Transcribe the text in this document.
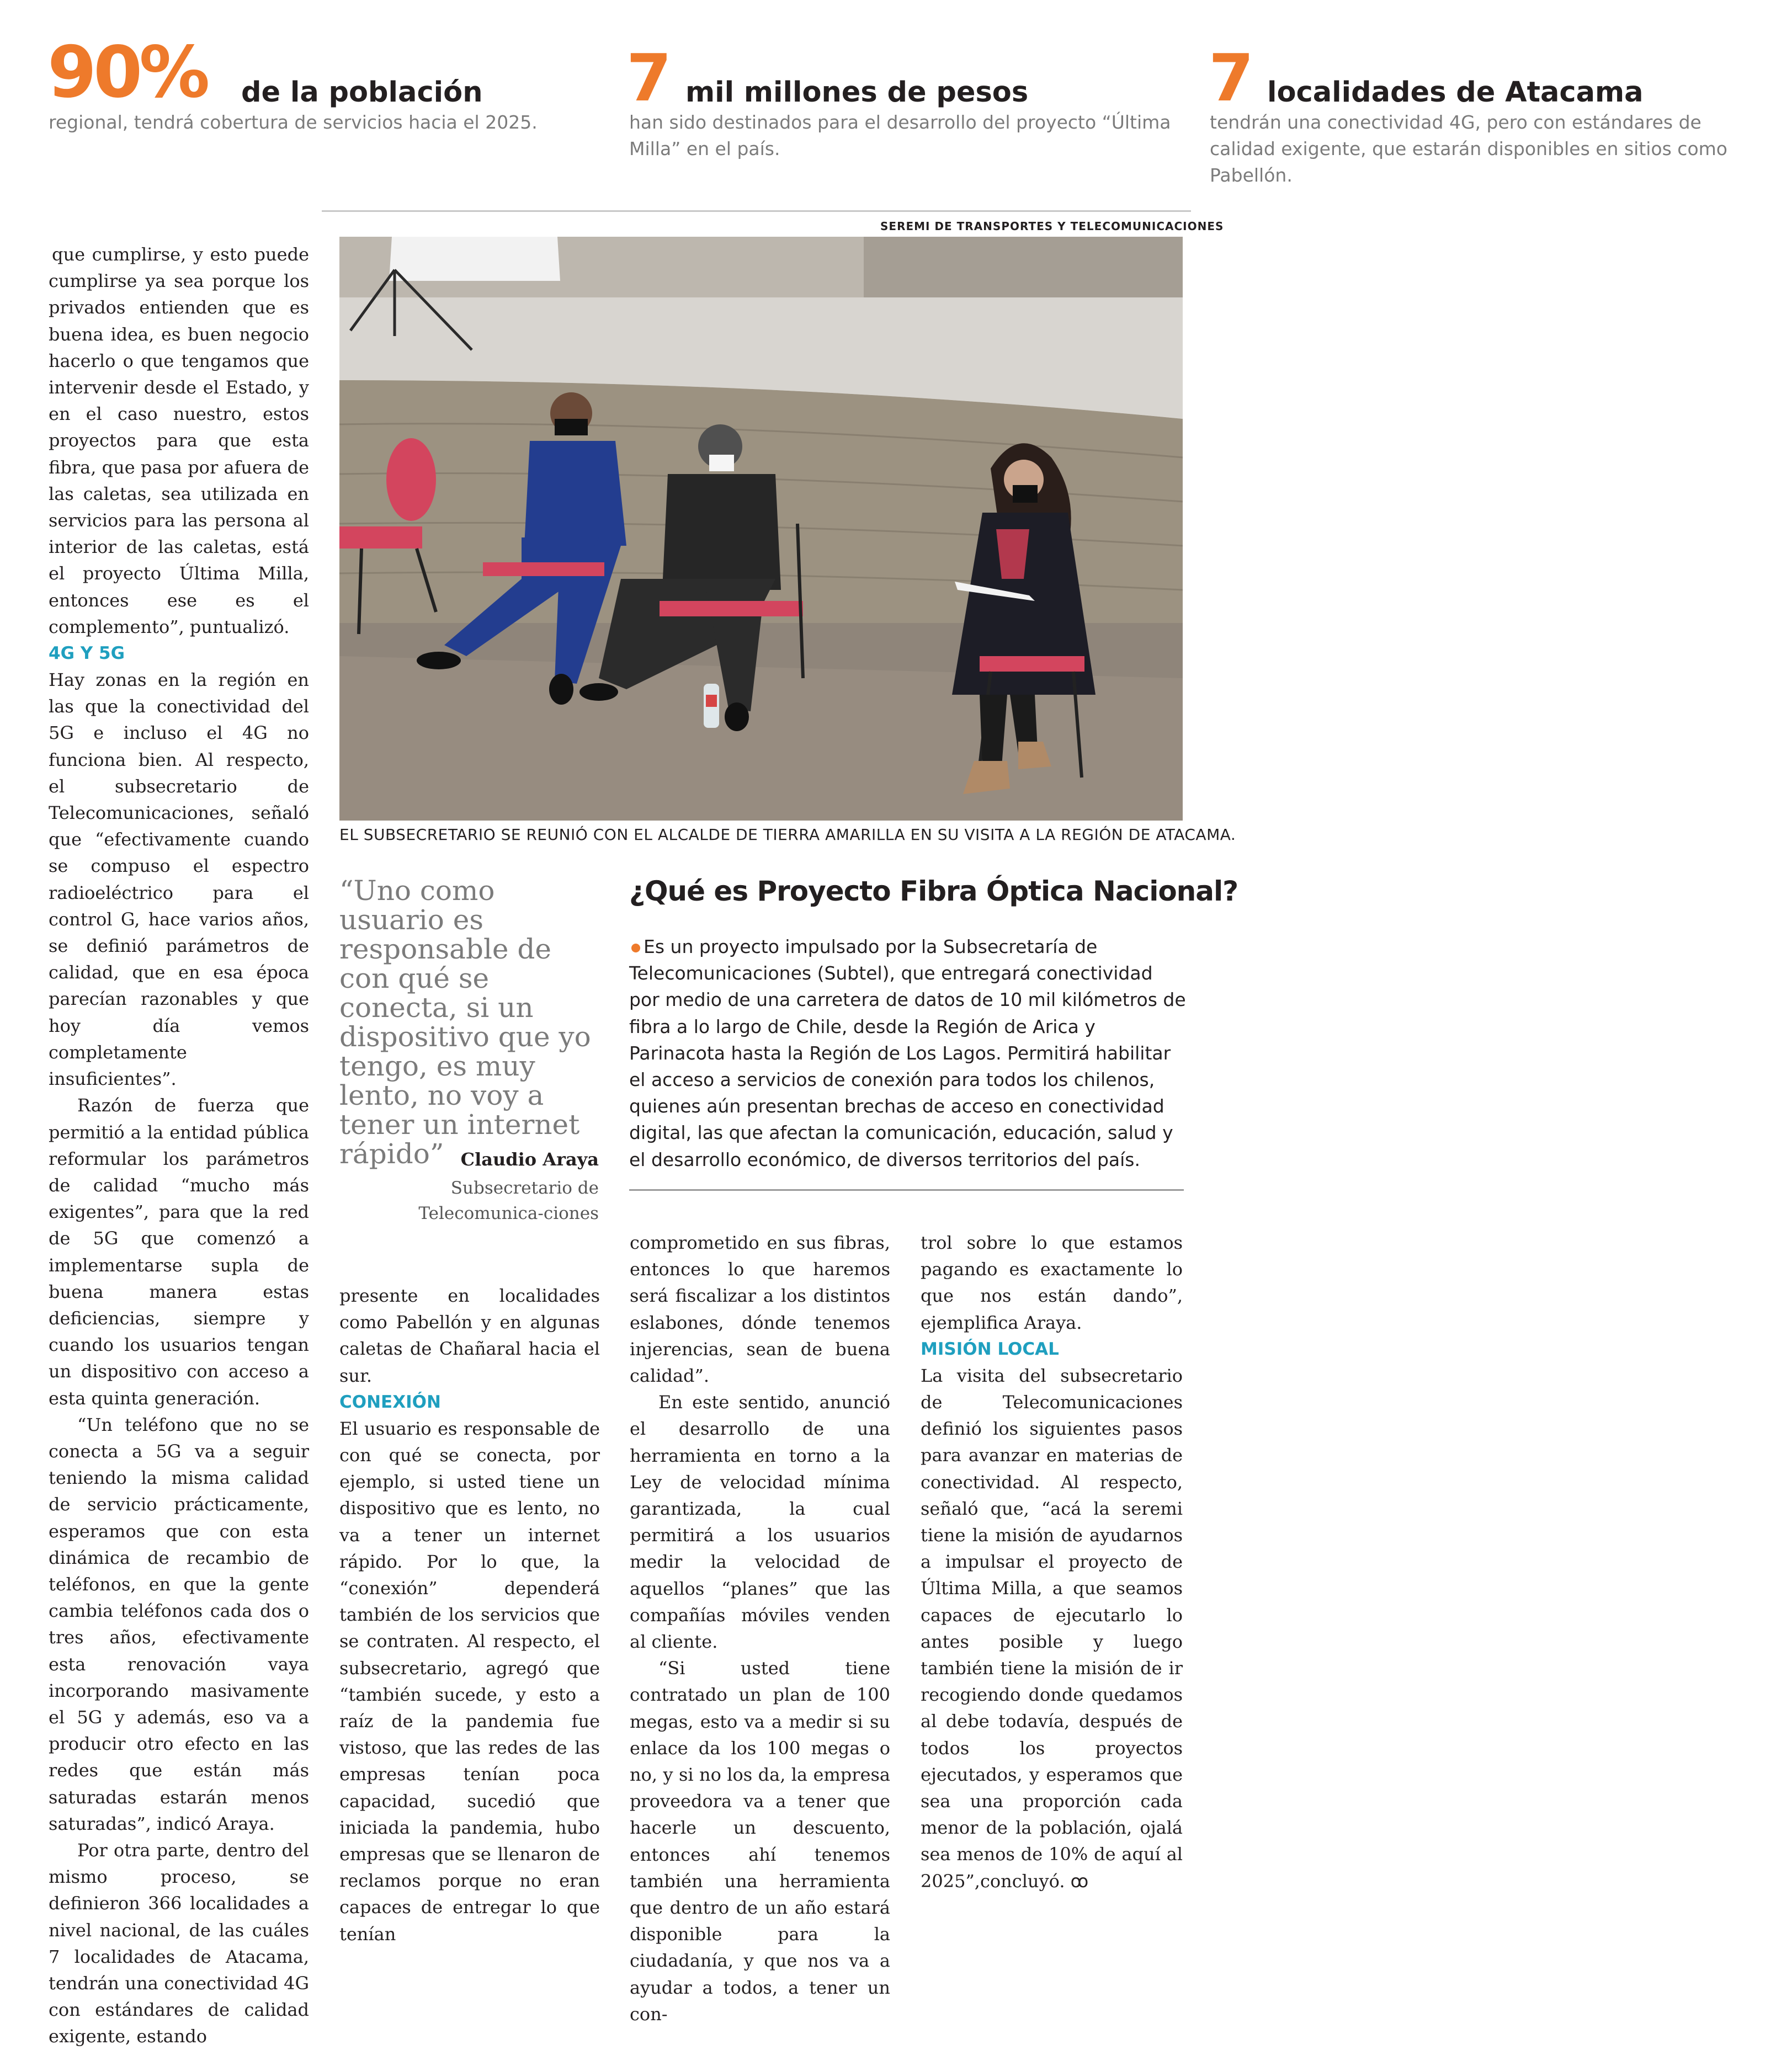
90% de la población
regional, tendrá cobertura de servicios hacia el 2025.
7 mil millones de pesos
han sido destinados para el desarrollo del proyecto “Última Milla” en el país.
7 localidades de Atacama
tendrán una conectividad 4G, pero con estándares de calidad exigente, que estarán disponibles en sitios como Pabellón.
SEREMI DE TRANSPORTES Y TELECOMUNICACIONES
EL SUBSECRETARIO SE REUNIÓ CON EL ALCALDE DE TIERRA AMARILLA EN SU VISITA A LA REGIÓN DE ATACAMA.

que cumplirse, y esto puede cumplirse ya sea porque los privados entienden que es buena idea, es buen negocio hacerlo o que tengamos que intervenir desde el Estado, y en el caso nuestro, estos proyectos para que esta fibra, que pasa por afuera de las caletas, sea utilizada en servicios para las persona al interior de las caletas, está el proyecto Última Milla, entonces ese es el complemento”, puntualizó.

4G Y 5G

Hay zonas en la región en las que la conectividad del 5G e incluso el 4G no funciona bien. Al respecto, el subsecretario de Telecomunicaciones, señaló que “efectivamente cuando se compuso el espectro radioeléctrico para el control G, hace varios años, se definió parámetros de calidad, que en esa época parecían razonables y que hoy día vemos completamente insuficientes”.

Razón de fuerza que permitió a la entidad pública reformular los parámetros de calidad “mucho más exigentes”, para que la red de 5G que comenzó a implementarse supla de buena manera estas deficiencias, siempre y cuando los usuarios tengan un dispositivo con acceso a esta quinta generación.

“Un teléfono que no se conecta a 5G va a seguir teniendo la misma calidad de servicio prácticamente, esperamos que con esta dinámica de recambio de teléfonos, en que la gente cambia teléfonos cada dos o tres años, efectivamente esta renovación vaya incorporando masivamente el 5G y además, eso va a producir otro efecto en las redes que están más saturadas estarán menos saturadas”, indicó Araya.

Por otra parte, dentro del mismo proceso, se definieron 366 localidades a nivel nacional, de las cuáles 7 localidades de Atacama, tendrán una conectividad 4G con estándares de calidad exigente, estando

“Uno como usuario es responsable de con qué se conecta, si un dispositivo que yo tengo, es muy lento, no voy a tener un internet rápido” Claudio Araya
Subsecretario de Telecomunica-ciones
¿Qué es Proyecto Fibra Óptica Nacional?
Es un proyecto impulsado por la Subsecretaría de Telecomunicaciones (Subtel), que entregará conectividad por medio de una carretera de datos de 10 mil kilómetros de fibra a lo largo de Chile, desde la Región de Arica y Parinacota hasta la Región de Los Lagos. Permitirá habilitar el acceso a servicios de conexión para todos los chilenos, quienes aún presentan brechas de acceso en conectividad digital, las que afectan la comunicación, educación, salud y el desarrollo económico, de diversos territorios del país.

presente en localidades como Pabellón y en algunas caletas de Chañaral hacia el sur.

CONEXIÓN

El usuario es responsable de con qué se conecta, por ejemplo, si usted tiene un dispositivo que es lento, no va a tener un internet rápido. Por lo que, la “conexión” dependerá también de los servicios que se contraten. Al respecto, el subsecretario, agregó que “también sucede, y esto a raíz de la pandemia fue vistoso, que las redes de las empresas tenían poca capacidad, sucedió que iniciada la pandemia, hubo empresas que se llenaron de reclamos porque no eran capaces de entregar lo que tenían

comprometido en sus fibras, entonces lo que haremos será fiscalizar a los distintos eslabones, dónde tenemos injerencias, sean de buena calidad”.

En este sentido, anunció el desarrollo de una herramienta en torno a la Ley de velocidad mínima garantizada, la cual permitirá a los usuarios medir la velocidad de aquellos “planes” que las compañías móviles venden al cliente.

“Si usted tiene contratado un plan de 100 megas, esto va a medir si su enlace da los 100 megas o no, y si no los da, la empresa proveedora va a tener que hacerle un descuento, entonces ahí tenemos también una herramienta que dentro de un año estará disponible para la ciudadanía, y que nos va a ayudar a todos, a tener un con-

trol sobre lo que estamos pagando es exactamente lo que nos están dando”, ejemplifica Araya.

MISIÓN LOCAL

La visita del subsecretario de Telecomunicaciones definió los siguientes pasos para avanzar en materias de conectividad. Al respecto, señaló que, “acá la seremi tiene la misión de ayudarnos a impulsar el proyecto de Última Milla, a que seamos capaces de ejecutarlo lo antes posible y luego también tiene la misión de ir recogiendo donde quedamos al debe todavía, después de todos los proyectos ejecutados, y esperamos que sea una proporción cada menor de la población, ojalá sea menos de 10% de aquí al 2025”,concluyó. ꝏ
